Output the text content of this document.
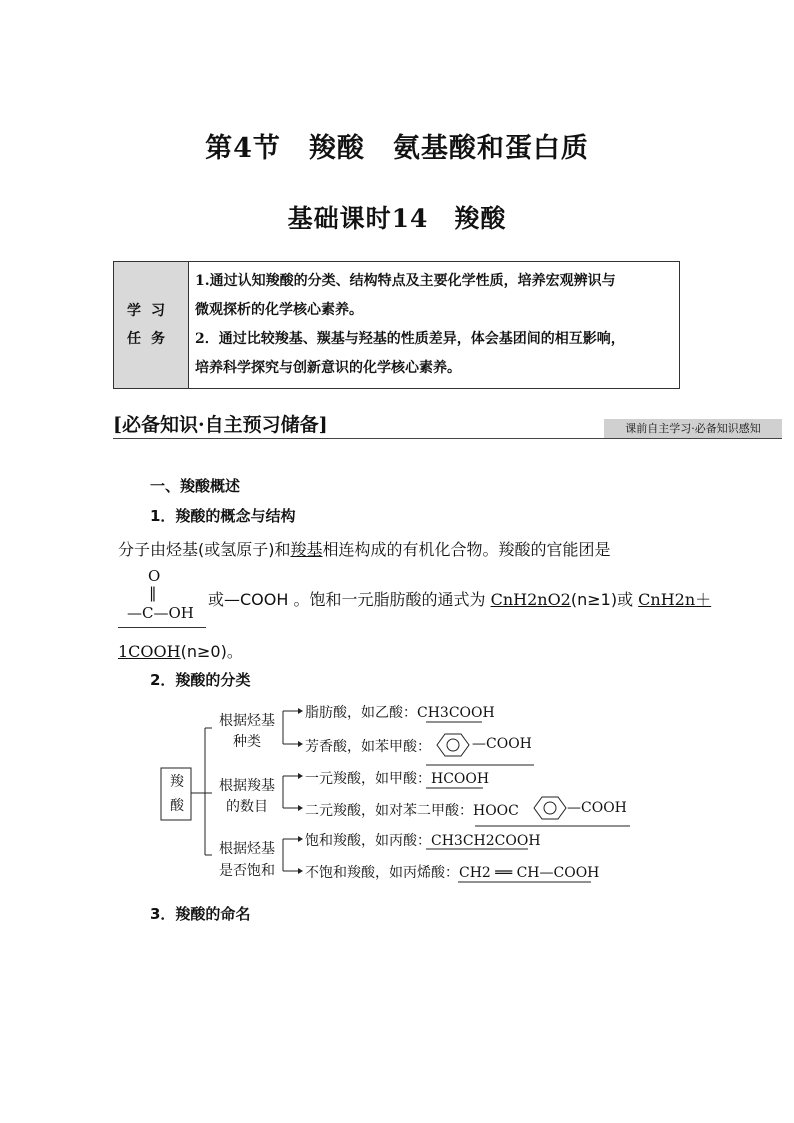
第4节　羧酸　氨基酸和蛋白质
基础课时14　羧酸
学习
任务

1.通过认知羧酸的分类、结构特点及主要化学性质，培养宏观辨识与
微观探析的化学核心素养。
2．通过比较羧基、羰基与羟基的性质差异，体会基团间的相互影响，
培养科学探究与创新意识的化学核心素养。
[必备知识·自主预习储备]	课前自主学习·必备知识感知
一、羧酸概述
1．羧酸的概念与结构
分子由烃基(或氢原子)和羧基相连构成的有机化合物。羧酸的官能团是
O
‖
—C—OH
或—COOH 。饱和一元脂肪酸的通式为 CnH2nO2(n≥1)或 CnH2n＋
1COOH(n≥0)。
2．羧酸的分类
羧
酸
根据烃基
种类
脂肪酸，如乙酸：CH3COOH
芳香酸，如苯甲酸：	—COOH
根据羧基
的数目
一元羧酸，如甲酸：HCOOH
二元羧酸，如对苯二甲酸：HOOC	—COOH
根据烃基
是否饱和
饱和羧酸，如丙酸：CH3CH2COOH
不饱和羧酸，如丙烯酸：CH2 ══ CH—COOH
3．羧酸的命名
